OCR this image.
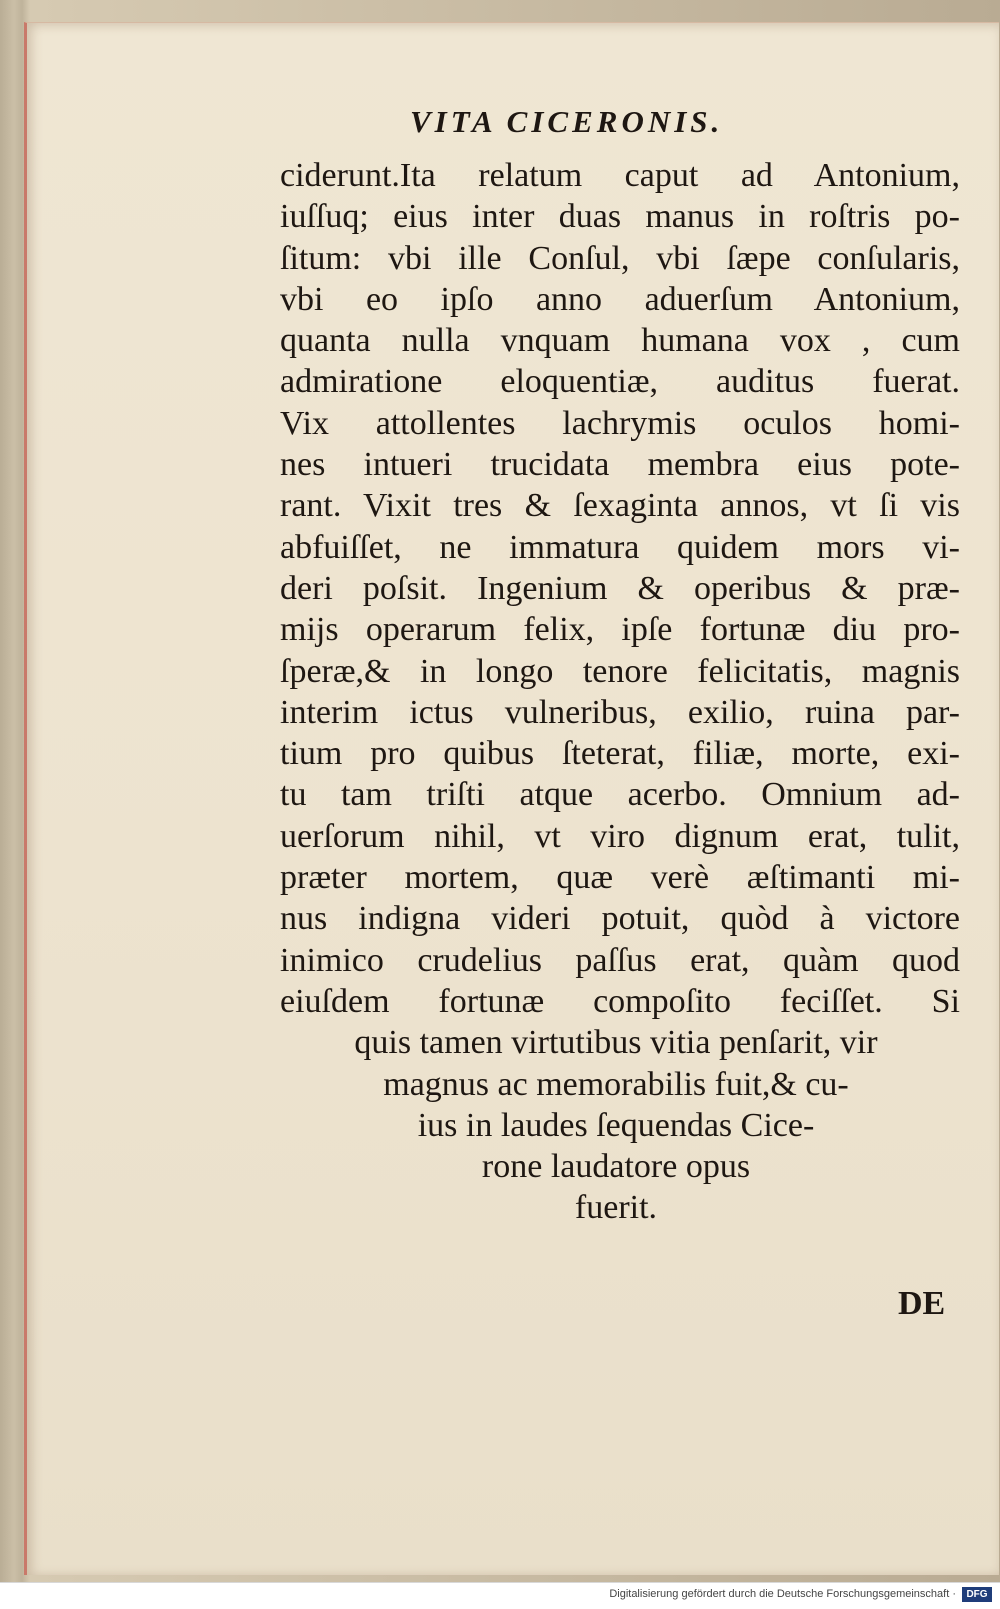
VITA CICERONIS.
ciderunt.Ita relatum caput ad Antonium,
iuſſuq; eius inter duas manus in roſtris po-
ſitum: vbi ille Conſul, vbi ſæpe conſularis,
vbi eo ipſo anno aduerſum Antonium,
quanta nulla vnquam humana vox , cum
admiratione eloquentiæ, auditus fuerat.
Vix attollentes lachrymis oculos homi-
nes intueri trucidata membra eius pote-
rant. Vixit tres & ſexaginta annos, vt ſi vis
abfuiſſet, ne immatura quidem mors vi-
deri poſsit. Ingenium & operibus & præ-
mijs operarum felix, ipſe fortunæ diu pro-
ſperæ,& in longo tenore felicitatis, magnis
interim ictus vulneribus, exilio, ruina par-
tium pro quibus ſteterat, filiæ, morte, exi-
tu tam triſti atque acerbo. Omnium ad-
uerſorum nihil, vt viro dignum erat, tulit,
præter mortem, quæ verè æſtimanti mi-
nus indigna videri potuit, quòd à victore
inimico crudelius paſſus erat, quàm quod
eiuſdem fortunæ compoſito feciſſet. Si
quis tamen virtutibus vitia penſarit, vir
magnus ac memorabilis fuit,& cu-
ius in laudes ſequendas Cice-
rone laudatore opus
fuerit.
DE
Digitalisierung gefördert durch die Deutsche Forschungsgemeinschaft ·	DFG
